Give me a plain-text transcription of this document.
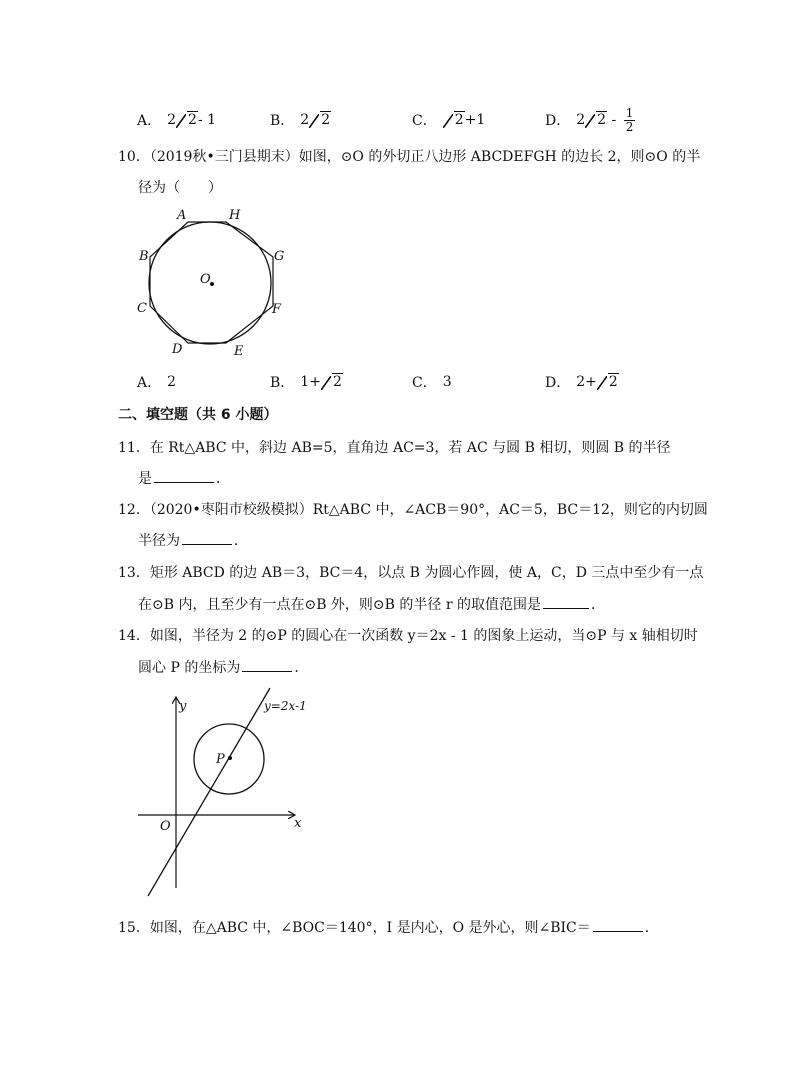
A． 2 2 - 1	B． 2 2	C．	2 +1	D． 2 $2 - \frac{1}{2}$
10．（2019秋•三门县期末）如图，⊙O 的外切正八边形 ABCDEFGH 的边长 2，则⊙O 的半
径为（　　）
A	H
G
F
E
D
C
B
O
A． 2	B． 1+ 2	C． 3	D． 2+ 2
二、填空题（共 6 小题）
11．在 Rt△ABC 中，斜边 AB=5，直角边 AC=3，若 AC 与圆 B 相切，则圆 B 的半径
是	．
12．（2020•枣阳市校级模拟）Rt△ABC 中，∠ACB＝90°，AC＝5，BC＝12，则它的内切圆
半径为	．
13．矩形 ABCD 的边 AB＝3，BC＝4，以点 B 为圆心作圆，使 A，C，D 三点中至少有一点
在⊙B 内，且至少有一点在⊙B 外，则⊙B 的半径 r 的取值范围是	．
14．如图，半径为 2 的⊙P 的圆心在一次函数 y＝2x - 1 的图象上运动，当⊙P 与 x 轴相切时
圆心 P 的坐标为	．
y
x
O
P
y=2x-1
15．如图，在△ABC 中，∠BOC＝140°，I 是内心，O 是外心，则∠BIC＝	．
